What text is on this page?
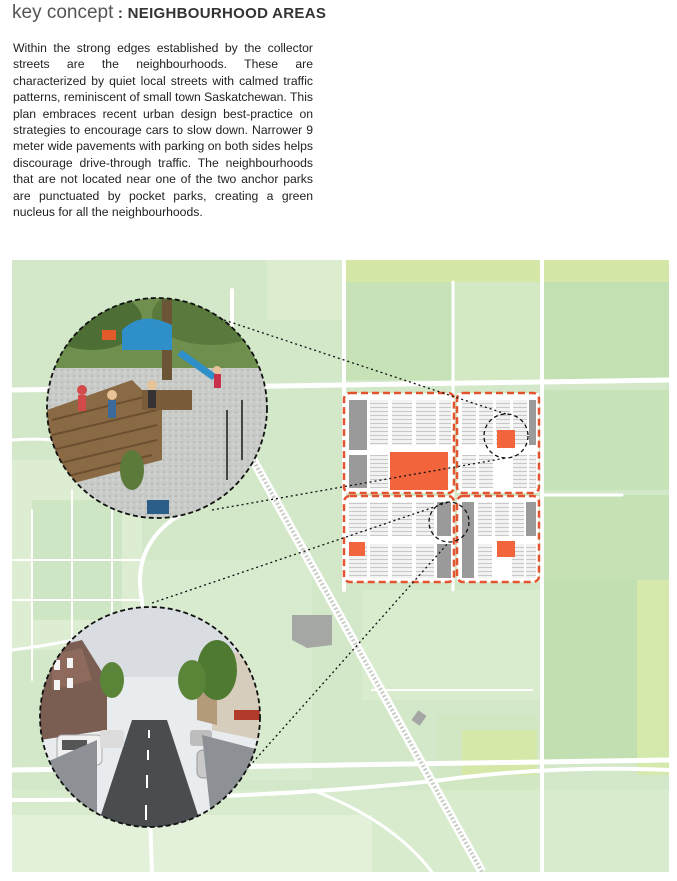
key concept : NEIGHBOURHOOD AREAS
Within the strong edges established by the collector streets are the neighbourhoods. These are characterized by quiet local streets with calmed traffic patterns, reminiscent of small town Saskatchewan. This plan embraces recent urban design best-practice on strategies to encourage cars to slow down. Narrower 9 meter wide pavements with parking on both sides helps discourage drive-through traffic. The neighbourhoods that are not located near one of the two anchor parks are punctuated by pocket parks, creating a green nucleus for all the neighbourhoods.
